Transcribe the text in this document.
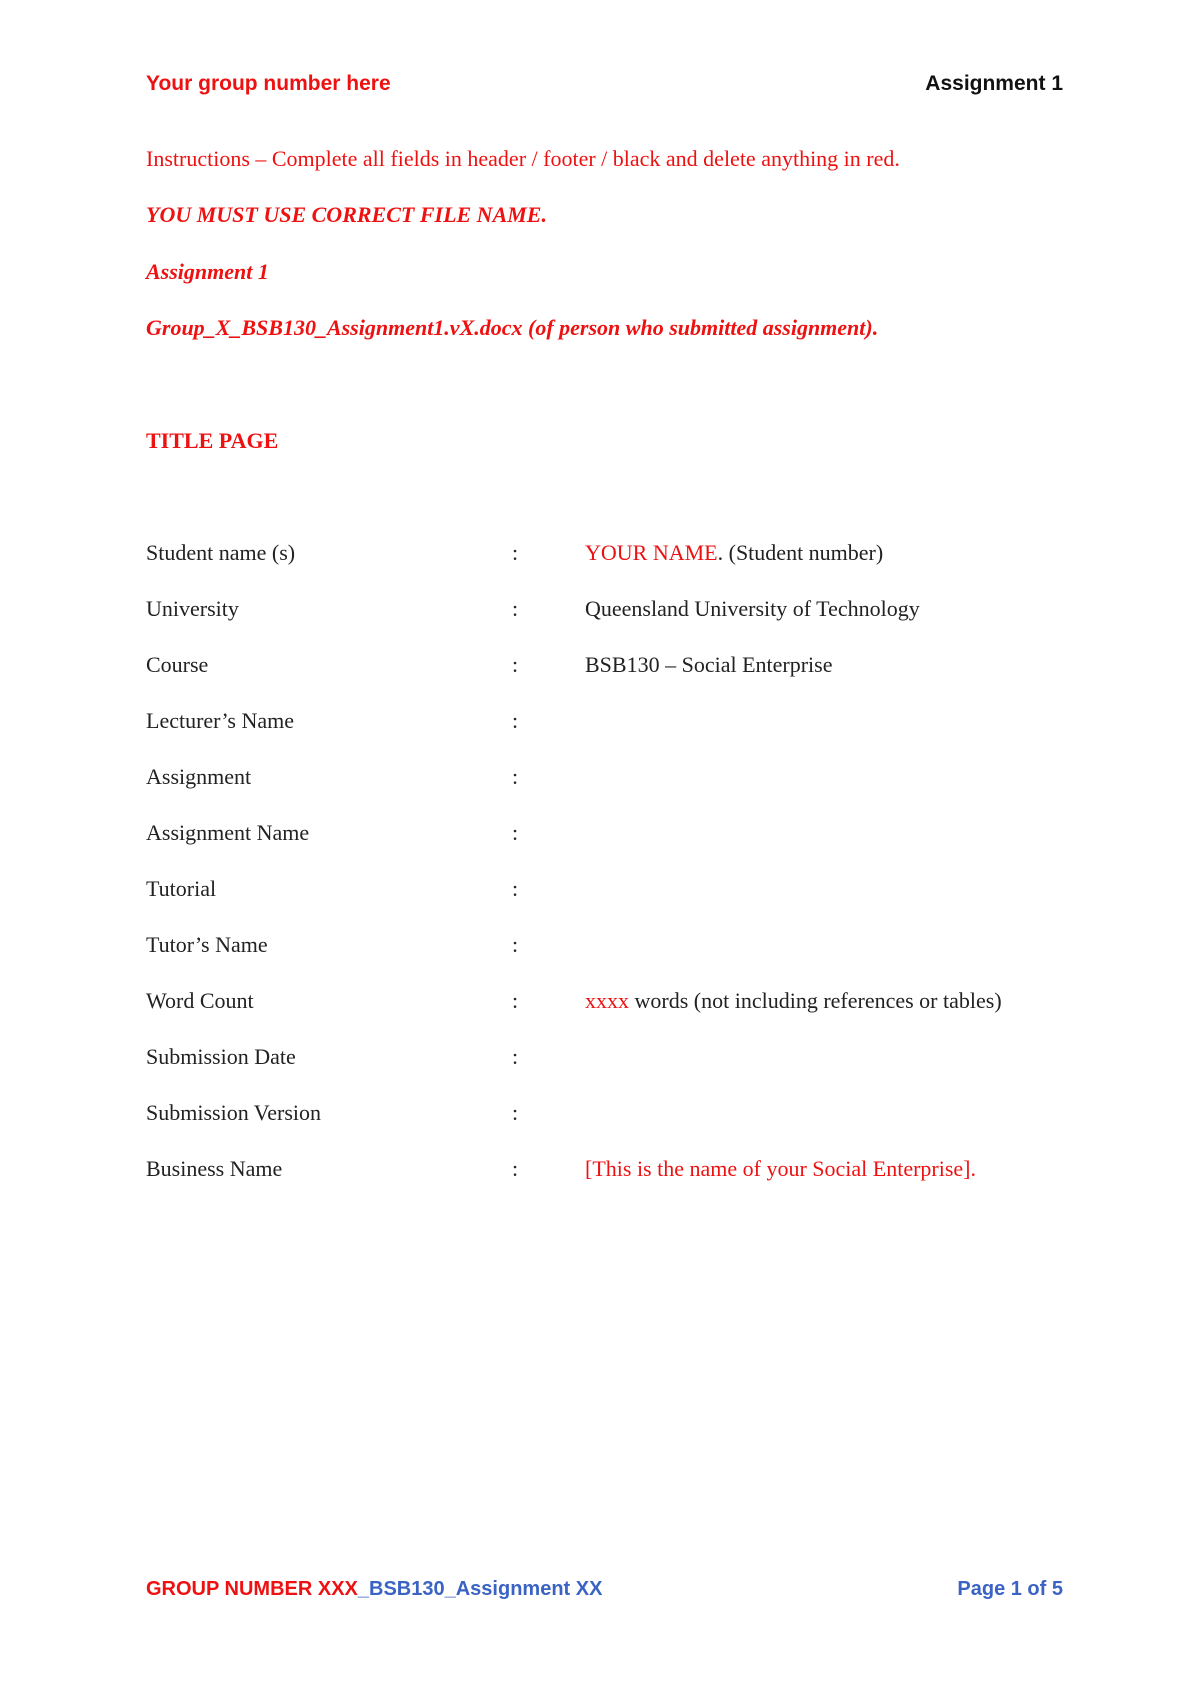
Your group number here	Assignment 1
Instructions – Complete all fields in header / footer / black and delete anything in red.
YOU MUST USE CORRECT FILE NAME.
Assignment 1
Group_X_BSB130_Assignment1.vX.docx (of person who submitted assignment).
TITLE PAGE
Student name (s)	:	YOUR NAME. (Student number)
University	:	Queensland University of Technology
Course	:	BSB130 – Social Enterprise
Lecturer’s Name	:
Assignment	:
Assignment Name	:
Tutorial	:
Tutor’s Name	:
Word Count	:	xxxx words (not including references or tables)
Submission Date	:
Submission Version	:
Business Name	:	[This is the name of your Social Enterprise].
GROUP NUMBER XXX_BSB130_Assignment XX	Page 1 of 5
